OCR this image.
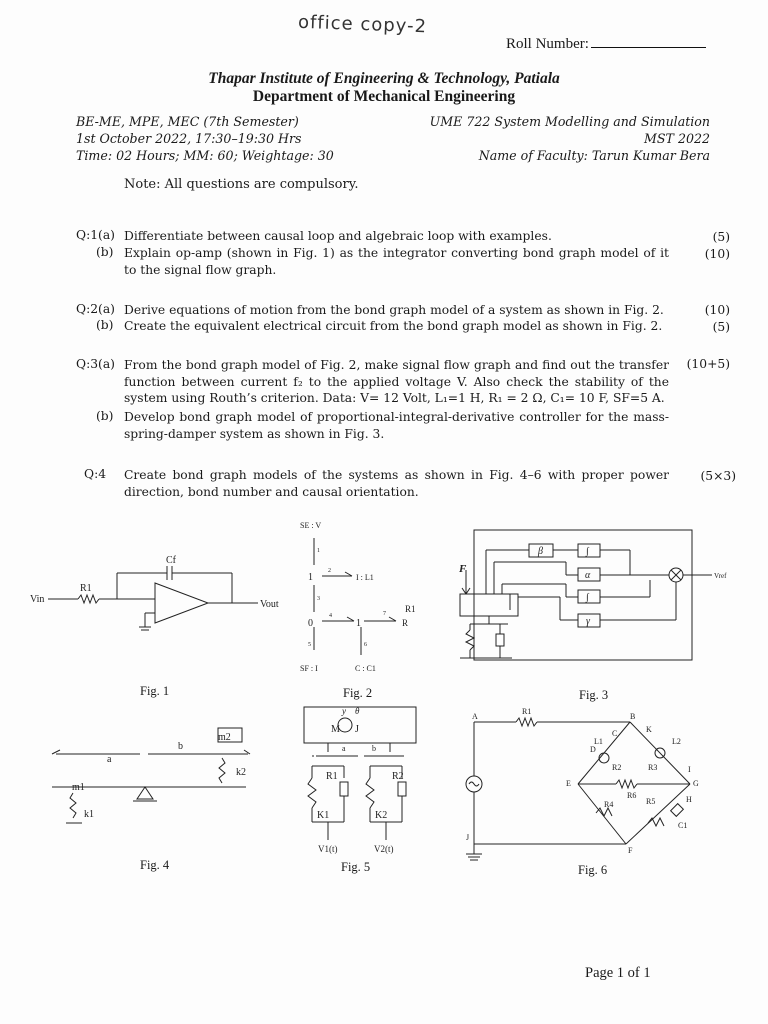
office copy-2
Roll Number:
Thapar Institute of Engineering & Technology, Patiala
Department of Mechanical Engineering
BE-ME, MPE, MEC (7th Semester)
1st October 2022, 17:30–19:30 Hrs
Time: 02 Hours; MM: 60; Weightage: 30
UME 722 System Modelling and Simulation
MST 2022
Name of Faculty: Tarun Kumar Bera
Note: All questions are compulsory.
Q:1(a) Differentiate between causal loop and algebraic loop with examples.	(5)
(b) Explain op-amp (shown in Fig. 1) as the integrator converting bond graph model of it to the signal flow graph.
(10)
Q:2(a) Derive equations of motion from the bond graph model of a system as shown in Fig. 2.	(10)
(b) Create the equivalent electrical circuit from the bond graph model as shown in Fig. 2.	(5)
Q:3(a) From the bond graph model of Fig. 2, make signal flow graph and find out the transfer function between current f₂ to the applied voltage V. Also check the stability of the system using Routh’s criterion. Data: V= 12 Volt, L₁=1 H, R₁ = 2 Ω, C₁= 10 F, SF=5 A.
(10+5)
(b) Develop bond graph model of proportional-integral-derivative controller for the mass-spring-damper system as shown in Fig. 3.
Q:4 Create bond graph models of the systems as shown in Fig. 4–6 with proper power direction, bond number and causal orientation.
(5×3)
Cf
R1
Vin	Vout
SE : V
1	I : L1
0	1
R1
R
SF : I	C : C1
1
2
3
4
5	6
7
β	∫
α
∫
γ
F
Vref
a
b
m1
m2
k1
k2
y θ
M J
a	b
R1	R2
K1	K2
V1(t)	V2(t)
A	B
C
D
E
F
G
H
I
J
K
R1
R2	R3
R4	R5
R6
L1	L2
C1
Fig. 1	Fig. 2	Fig. 3
Fig. 4	Fig. 5	Fig. 6
Page 1 of 1
